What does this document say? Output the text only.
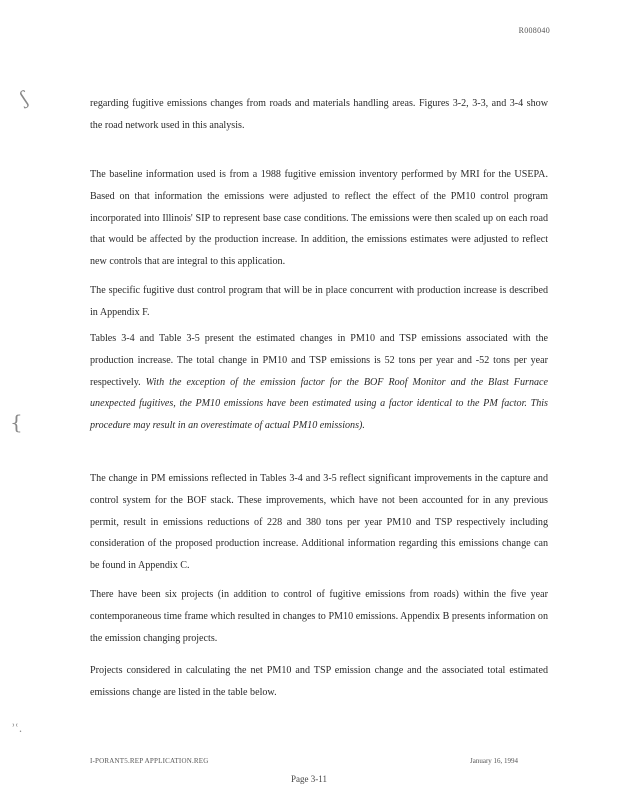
R008040
ʃ
{
ʾʿ.

regarding fugitive emissions changes from roads and materials handling areas. Figures 3-2, 3-3, and 3-4 show the road network used in this analysis.

The baseline information used is from a 1988 fugitive emission inventory performed by MRI for the USEPA. Based on that information the emissions were adjusted to reflect the effect of the PM10 control program incorporated into Illinois' SIP to represent base case conditions. The emissions were then scaled up on each road that would be affected by the production increase. In addition, the emissions estimates were adjusted to reflect new controls that are integral to this application.

The specific fugitive dust control program that will be in place concurrent with production increase is described in Appendix F.

Tables 3-4 and Table 3-5 present the estimated changes in PM10 and TSP emissions associated with the production increase. The total change in PM10 and TSP emissions is 52 tons per year and -52 tons per year respectively. With the exception of the emission factor for the BOF Roof Monitor and the Blast Furnace unexpected fugitives, the PM10 emissions have been estimated using a factor identical to the PM factor. This procedure may result in an overestimate of actual PM10 emissions).

The change in PM emissions reflected in Tables 3-4 and 3-5 reflect significant improvements in the capture and control system for the BOF stack. These improvements, which have not been accounted for in any previous permit, result in emissions reductions of 228 and 380 tons per year PM10 and TSP respectively including consideration of the proposed production increase. Additional information regarding this emissions change can be found in Appendix C.

There have been six projects (in addition to control of fugitive emissions from roads) within the five year contemporaneous time frame which resulted in changes to PM10 emissions. Appendix B presents information on the emission changing projects.

Projects considered in calculating the net PM10 and TSP emission change and the associated total estimated emissions change are listed in the table below.

I-PORANT5.REP APPLICATION.REG	January 16, 1994
Page 3-11
